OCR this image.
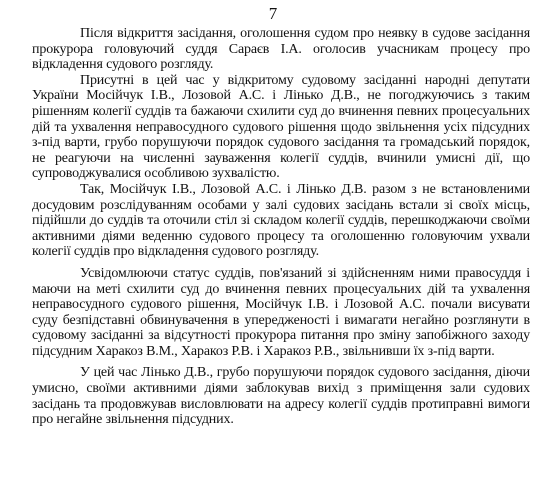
7

Після відкриття засідання, оголошення судом про неявку в судове засідання прокурора головуючий суддя Сараєв І.А. оголосив учасникам процесу про відкладення судового розгляду.

Присутні в цей час у відкритому судовому засіданні народні депутати України Мосійчук І.В., Лозовой А.С. і Лінько Д.В., не погоджуючись з таким рішенням колегії суддів та бажаючи схилити суд до вчинення певних процесуальних дій та ухвалення неправосудного судового рішення щодо звільнення усіх підсудних з-під варти, грубо порушуючи порядок судового засідання та громадський порядок, не реагуючи на численні зауваження колегії суддів, вчинили умисні дії, що супроводжувалися особливою зухвалістю.

Так, Мосійчук І.В., Лозовой А.С. і Лінько Д.В. разом з не встановленими досудовим розслідуванням особами у залі судових засідань встали зі своїх місць, підійшли до суддів та оточили стіл зі складом колегії суддів, перешкоджаючи своїми активними діями веденню судового процесу та оголошенню головуючим ухвали колегії суддів про відкладення судового розгляду.

Усвідомлюючи статус суддів, пов'язаний зі здійсненням ними правосуддя і маючи на меті схилити суд до вчинення певних процесуальних дій та ухвалення неправосудного судового рішення, Мосійчук І.В. і Лозовой А.С. почали висувати суду безпідставні обвинувачення в упередженості і вимагати негайно розглянути в судовому засіданні за відсутності прокурора питання про зміну запобіжного заходу підсудним Харакоз В.М., Харакоз Р.В. і Харакоз Р.В., звільнивши їх з-під варти.

У цей час Лінько Д.В., грубо порушуючи порядок судового засідання, діючи умисно, своїми активними діями заблокував вихід з приміщення зали судових засідань та продовжував висловлювати на адресу колегії суддів протиправні вимоги про негайне звільнення підсудних.
